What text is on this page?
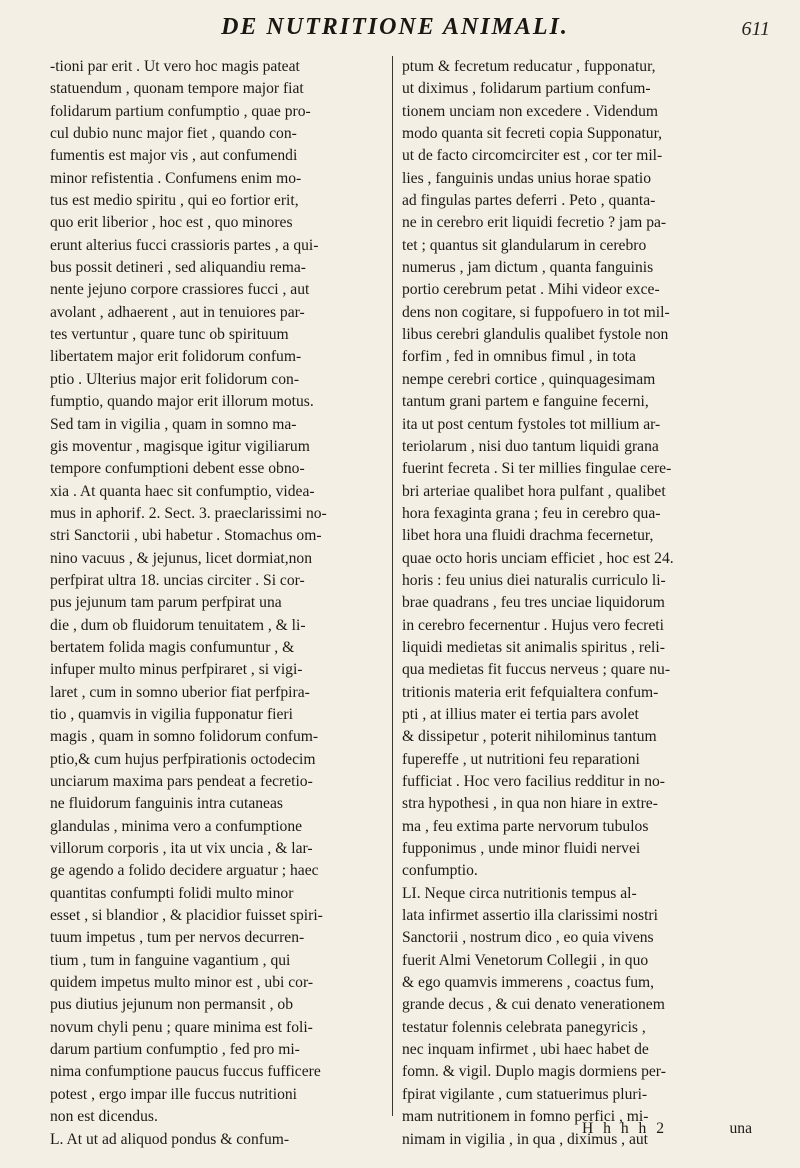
DE NUTRITIONE ANIMALI.	611
-tioni par erit . Ut vero hoc magis pateat
statuendum , quonam tempore major fiat
folidarum partium confumptio , quae pro-
cul dubio nunc major fiet , quando con-
fumentis est major vis , aut confumendi
minor refistentia . Confumens enim mo-
tus est medio spiritu , qui eo fortior erit,
quo erit liberior , hoc est , quo minores
erunt alterius fucci crassioris partes , a qui-
bus possit detineri , sed aliquandiu rema-
nente jejuno corpore crassiores fucci , aut
avolant , adhaerent , aut in tenuiores par-
tes vertuntur , quare tunc ob spirituum
libertatem major erit folidorum confum-
ptio . Ulterius major erit folidorum con-
fumptio, quando major erit illorum motus.
Sed tam in vigilia , quam in somno ma-
gis moventur , magisque igitur vigiliarum
tempore confumptioni debent esse obno-
xia . At quanta haec sit confumptio, videa-
mus in aphorif. 2. Sect. 3. praeclarissimi no-
stri Sanctorii , ubi habetur . Stomachus om-
nino vacuus , & jejunus, licet dormiat,non
perfpirat ultra 18. uncias circiter . Si cor-
pus jejunum tam parum perfpirat una
die , dum ob fluidorum tenuitatem , & li-
bertatem folida magis confumuntur , &
infuper multo minus perfpiraret , si vigi-
laret , cum in somno uberior fiat perfpira-
tio , quamvis in vigilia fupponatur fieri
magis , quam in somno folidorum confum-
ptio,& cum hujus perfpirationis octodecim
unciarum maxima pars pendeat a fecretio-
ne fluidorum fanguinis intra cutaneas
glandulas , minima vero a confumptione
villorum corporis , ita ut vix uncia , & lar-
ge agendo a folido decidere arguatur ; haec
quantitas confumpti folidi multo minor
esset , si blandior , & placidior fuisset spiri-
tuum impetus , tum per nervos decurren-
tium , tum in fanguine vagantium , qui
quidem impetus multo minor est , ubi cor-
pus diutius jejunum non permansit , ob
novum chyli penu ; quare minima est foli-
darum partium confumptio , fed pro mi-
nima confumptione paucus fuccus fufficere
potest , ergo impar ille fuccus nutritioni
non est dicendus.
L. At ut ad aliquod pondus & confum-
ptum & fecretum reducatur , fupponatur,
ut diximus , folidarum partium confum-
tionem unciam non excedere . Videndum
modo quanta sit fecreti copia Supponatur,
ut de facto circomcirciter est , cor ter mil-
lies , fanguinis undas unius horae spatio
ad fingulas partes deferri . Peto , quanta-
ne in cerebro erit liquidi fecretio ? jam pa-
tet ; quantus sit glandularum in cerebro
numerus , jam dictum , quanta fanguinis
portio cerebrum petat . Mihi videor exce-
dens non cogitare, si fuppofuero in tot mil-
libus cerebri glandulis qualibet fystole non
forfim , fed in omnibus fimul , in tota
nempe cerebri cortice , quinquagesimam
tantum grani partem e fanguine fecerni,
ita ut post centum fystoles tot millium ar-
teriolarum , nisi duo tantum liquidi grana
fuerint fecreta . Si ter millies fingulae cere-
bri arteriae qualibet hora pulfant , qualibet
hora fexaginta grana ; feu in cerebro qua-
libet hora una fluidi drachma fecernetur,
quae octo horis unciam efficiet , hoc est 24.
horis : feu unius diei naturalis curriculo li-
brae quadrans , feu tres unciae liquidorum
in cerebro fecernentur . Hujus vero fecreti
liquidi medietas sit animalis spiritus , reli-
qua medietas fit fuccus nerveus ; quare nu-
tritionis materia erit fefquialtera confum-
pti , at illius mater ei tertia pars avolet
& dissipetur , poterit nihilominus tantum
fupereffe , ut nutritioni feu reparationi
fufficiat . Hoc vero facilius redditur in no-
stra hypothesi , in qua non hiare in extre-
ma , feu extima parte nervorum tubulos
fupponimus , unde minor fluidi nervei
confumptio.
LI. Neque circa nutritionis tempus al-
lata infirmet assertio illa clarissimi nostri
Sanctorii , nostrum dico , eo quia vivens
fuerit Almi Venetorum Collegii , in quo
& ego quamvis immerens , coactus fum,
grande decus , & cui denato venerationem
testatur folennis celebrata panegyricis ,
nec inquam infirmet , ubi haec habet de
fomn. & vigil. Duplo magis dormiens per-
fpirat vigilante , cum statuerimus pluri-
mam nutritionem in fomno perfici , mi-
nimam in vigilia , in qua , diximus , aut
H h h h 2	una
